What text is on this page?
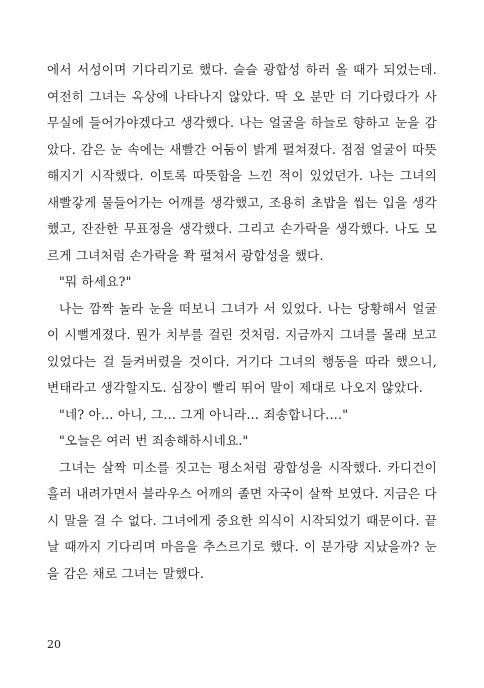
에서 서성이며 기다리기로 했다. 슬슬 광합성 하러 올 때가 되었는데. 여전히 그녀는 옥상에 나타나지 않았다. 딱 오 분만 더 기다렸다가 사무실에 들어가야겠다고 생각했다. 나는 얼굴을 하늘로 향하고 눈을 감았다. 감은 눈 속에는 새빨간 어둠이 밝게 펼쳐졌다. 점점 얼굴이 따뜻해지기 시작했다. 이토록 따뜻함을 느낀 적이 있었던가. 나는 그녀의 새빨갛게 물들어가는 어깨를 생각했고, 조용히 초밥을 씹는 입을 생각했고, 잔잔한 무표정을 생각했다. 그리고 손가락을 생각했다. 나도 모르게 그녀처럼 손가락을 쫙 펼쳐서 광합성을 했다.

"뭐 하세요?"

나는 깜짝 놀라 눈을 떠보니 그녀가 서 있었다. 나는 당황해서 얼굴이 시뻘게졌다. 뭔가 치부를 걸린 것처럼. 지금까지 그녀를 몰래 보고 있었다는 걸 들켜버렸을 것이다. 거기다 그녀의 행동을 따라 했으니, 변태라고 생각할지도. 심장이 빨리 뛰어 말이 제대로 나오지 않았다.

"네? 아… 아니, 그… 그게 아니라… 죄송합니다…."

"오늘은 여러 번 죄송해하시네요."

그녀는 살짝 미소를 짓고는 평소처럼 광합성을 시작했다. 카디건이 흘러 내려가면서 블라우스 어깨의 졸면 자국이 살짝 보였다. 지금은 다시 말을 걸 수 없다. 그녀에게 중요한 의식이 시작되었기 때문이다. 끝날 때까지 기다리며 마음을 추스르기로 했다. 이 분가량 지났을까? 눈을 감은 채로 그녀는 말했다.

20
